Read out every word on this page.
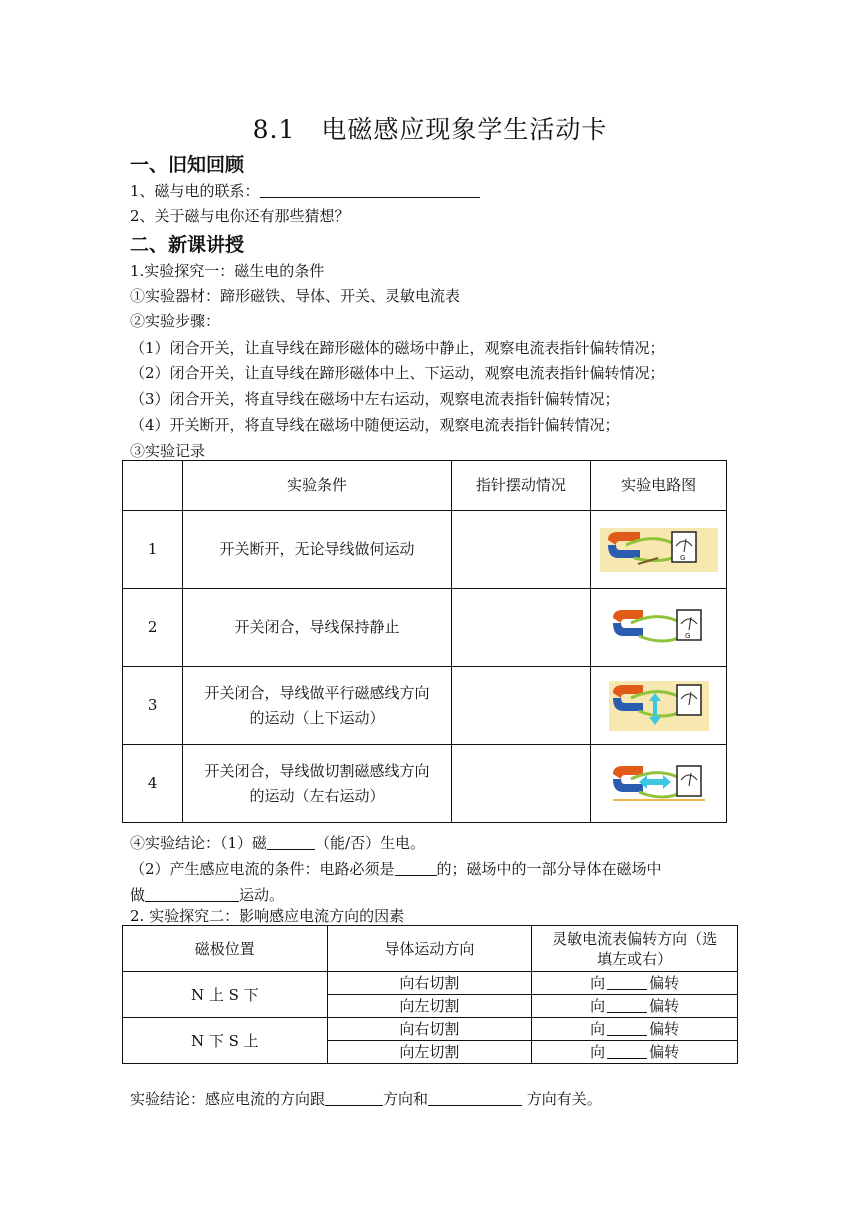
8.1　电磁感应现象学生活动卡
一、旧知回顾
1、磁与电的联系：
2、关于磁与电你还有那些猜想？
二、新课讲授
1.实验探究一：磁生电的条件
①实验器材：蹄形磁铁、导体、开关、灵敏电流表
②实验步骤：
（1）闭合开关，让直导线在蹄形磁体的磁场中静止，观察电流表指针偏转情况；
（2）闭合开关，让直导线在蹄形磁体中上、下运动，观察电流表指针偏转情况；
（3）闭合开关，将直导线在磁场中左右运动，观察电流表指针偏转情况；
（4）开关断开，将直导线在磁场中随便运动，观察电流表指针偏转情况；
③实验记录
	实验条件	指针摆动情况	实验电路图
1	开关断开，无论导线做何运动		G

2	开关闭合，导线保持静止		G

3	开关闭合，导线做平行磁感线方向
的运动（上下运动）

4	开关闭合，导线做切割磁感线方向
的运动（左右运动）

④实验结论：（1）磁	（能/否）生电。
（2）产生感应电流的条件：电路必须是	的；磁场中的一部分导体在磁场中
做	运动。
2. 实验探究二：影响感应电流方向的因素
磁极位置	导体运动方向	灵敏电流表偏转方向（选
填左或右）

N 上 S 下	向右切割	向 偏转
	向左切割	向 偏转
N 下 S 上	向右切割	向 偏转
	向左切割	向 偏转
实验结论：感应电流的方向跟	方向和	方向有关。
